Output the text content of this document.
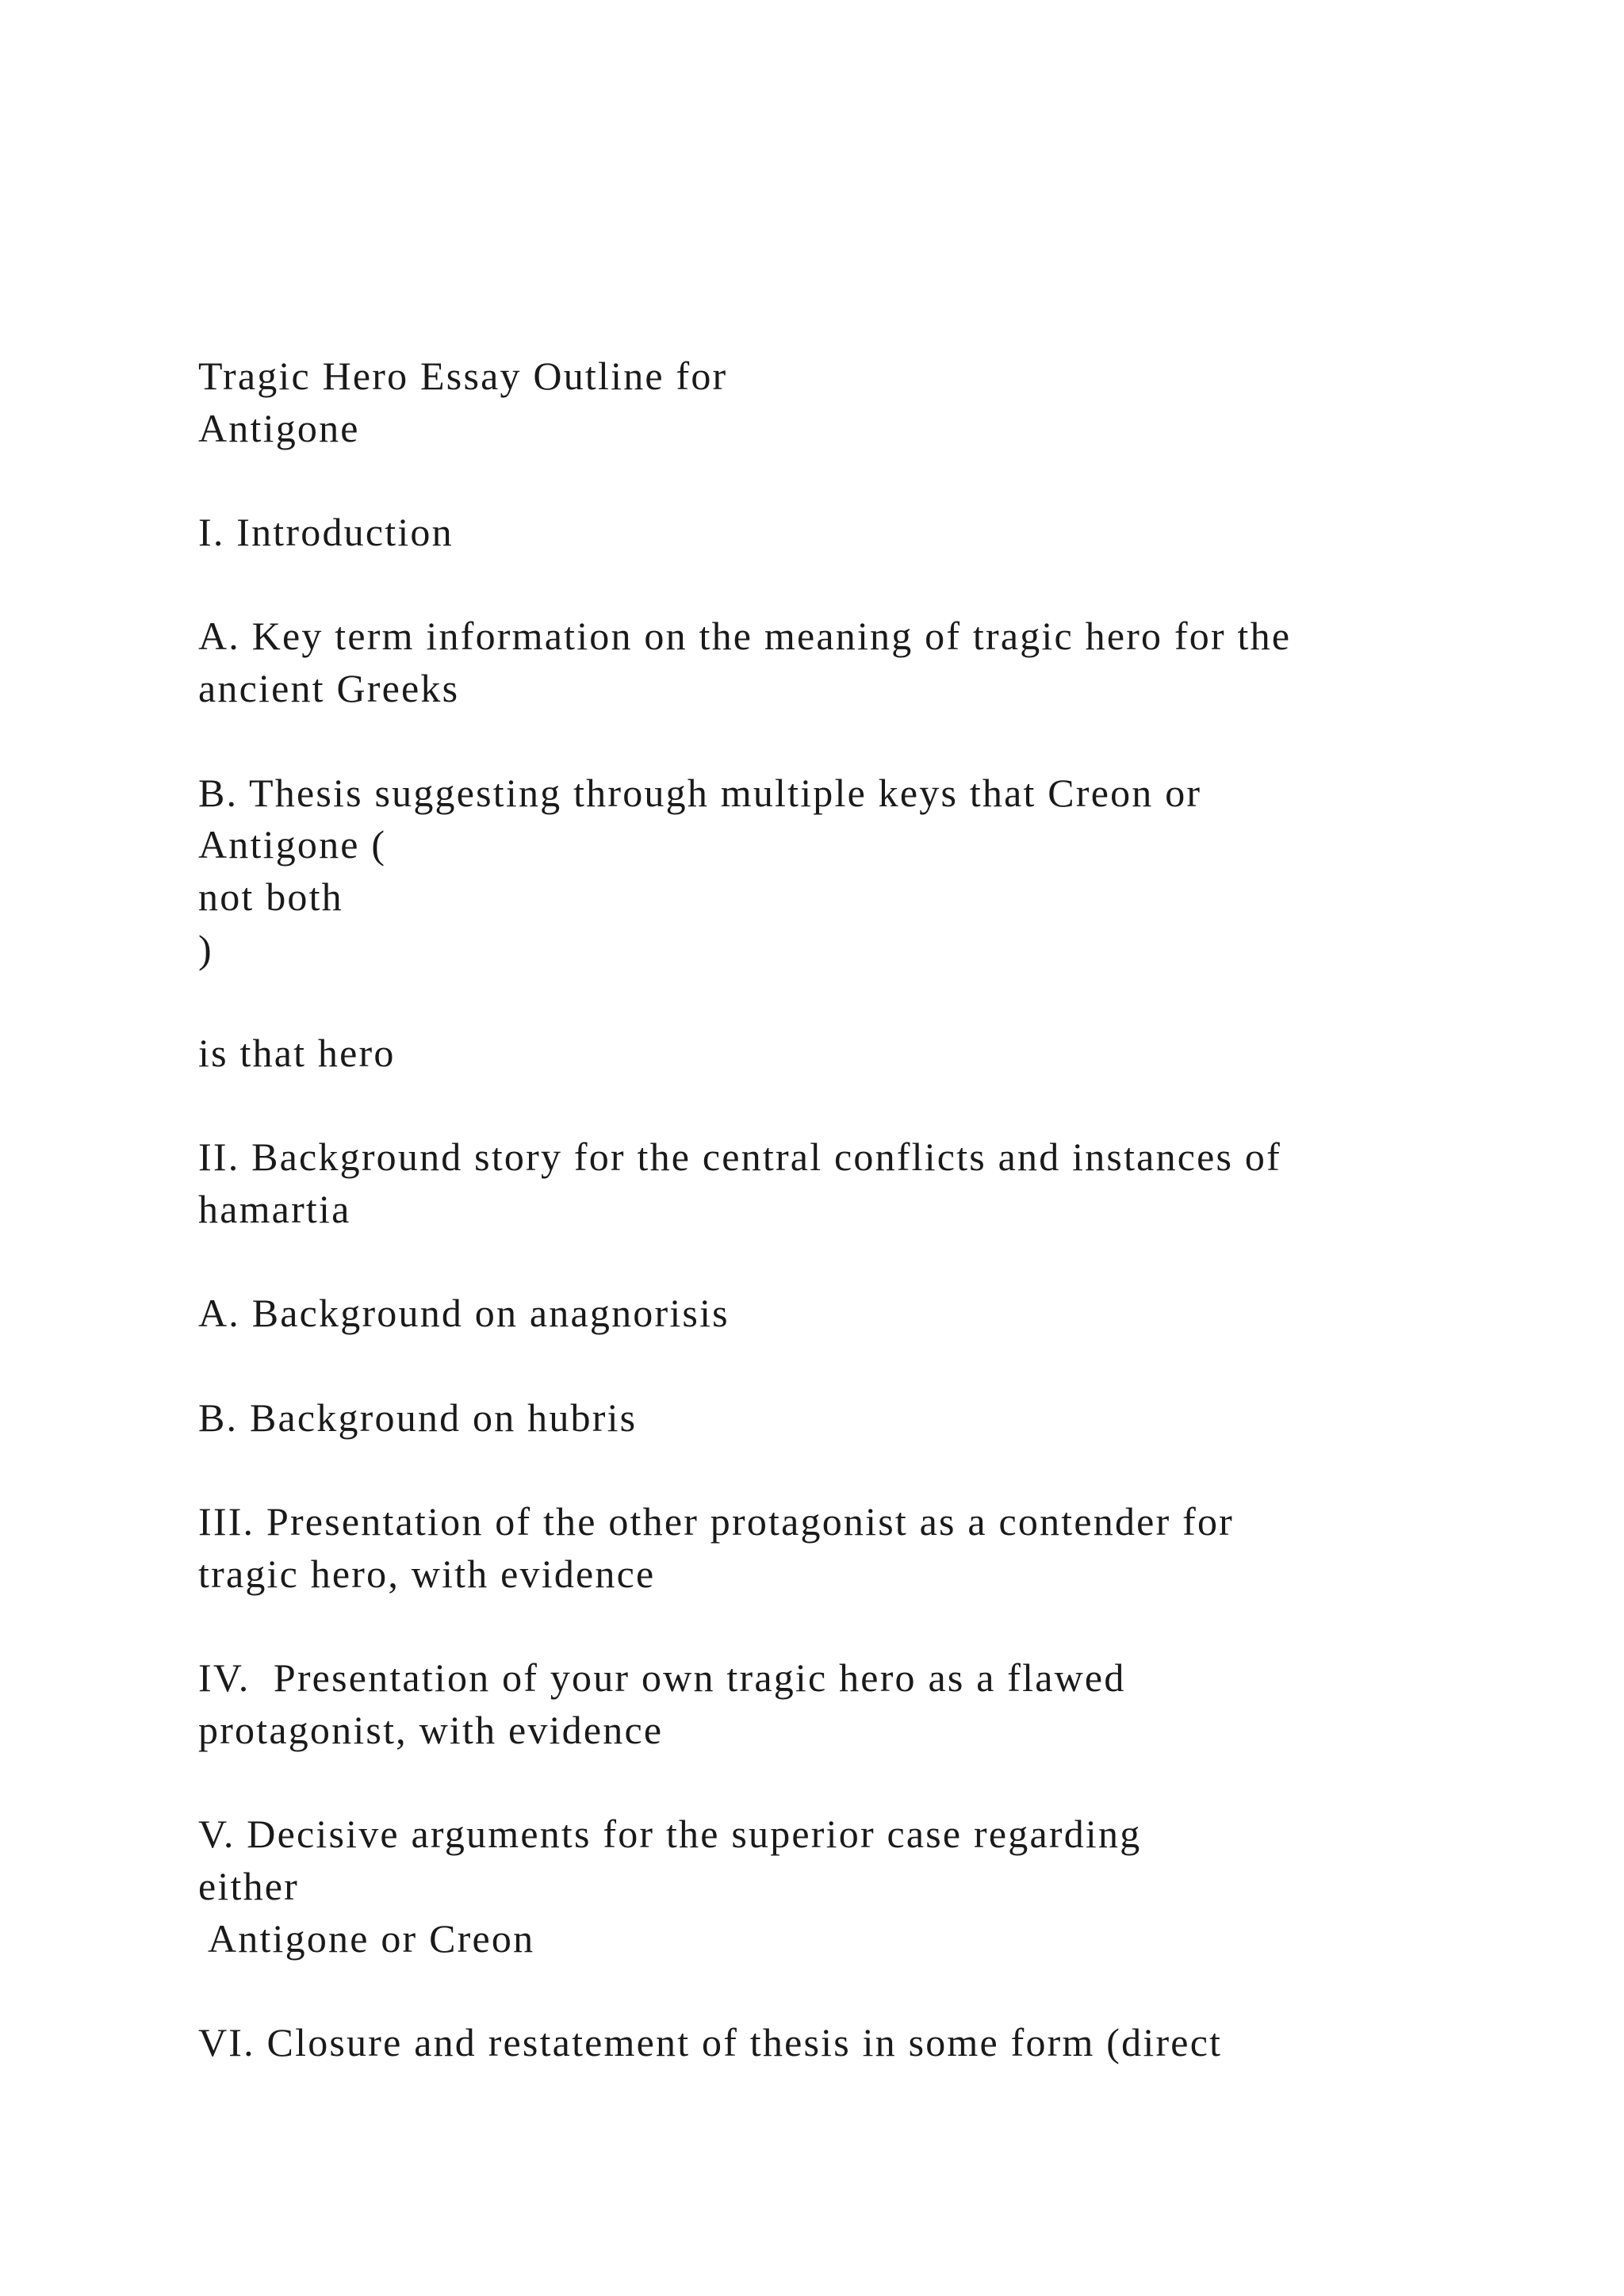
Tragic Hero Essay Outline for
Antigone
I. Introduction
A. Key term information on the meaning of tragic hero for the
ancient Greeks
B. Thesis suggesting through multiple keys that Creon or
Antigone (
not both
)
is that hero
II. Background story for the central conflicts and instances of
hamartia
A. Background on anagnorisis
B. Background on hubris
III. Presentation of the other protagonist as a contender for
tragic hero, with evidence
IV.  Presentation of your own tragic hero as a flawed
protagonist, with evidence
V. Decisive arguments for the superior case regarding
either
Antigone or Creon
VI. Closure and restatement of thesis in some form (direct
